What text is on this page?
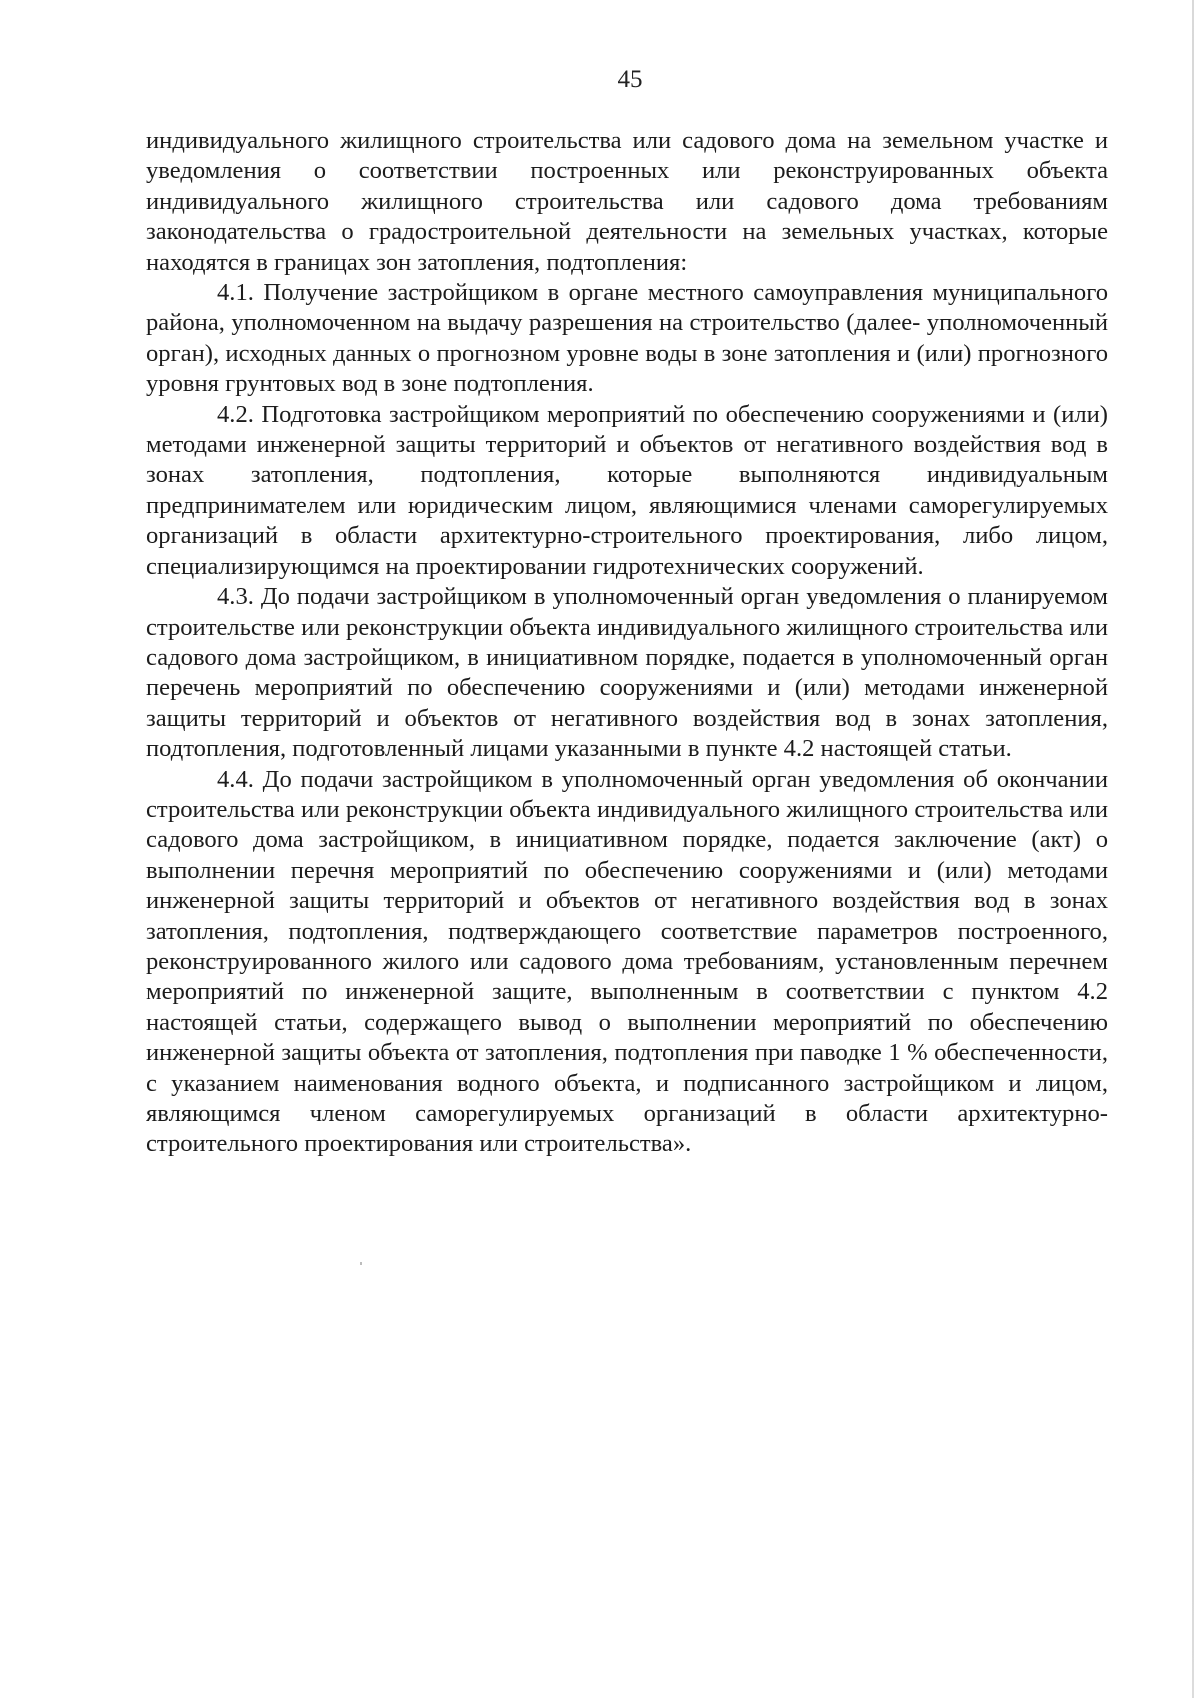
45

индивидуального жилищного строительства или садового дома на земельном участке и уведомления о соответствии построенных или реконструированных объекта индивидуального жилищного строительства или садового дома требованиям законодательства о градостроительной деятельности на земельных участках, которые находятся в границах зон затопления, подтопления:

4.1. Получение застройщиком в органе местного самоуправления муниципального района, уполномоченном на выдачу разрешения на строительство (далее- уполномоченный орган), исходных данных о прогнозном уровне воды в зоне затопления и (или) прогнозного уровня грунтовых вод в зоне подтопления.

4.2. Подготовка застройщиком мероприятий по обеспечению сооружениями и (или) методами инженерной защиты территорий и объектов от негативного воздействия вод в зонах затопления, подтопления, которые выполняются индивидуальным предпринимателем или юридическим лицом, являющимися членами саморегулируемых организаций в области архитектурно-строительного проектирования, либо лицом, специализирующимся на проектировании гидротехнических сооружений.

4.3. До подачи застройщиком в уполномоченный орган уведомления о планируемом строительстве или реконструкции объекта индивидуального жилищного строительства или садового дома застройщиком, в инициативном порядке, подается в уполномоченный орган перечень мероприятий по обеспечению сооружениями и (или) методами инженерной защиты территорий и объектов от негативного воздействия вод в зонах затопления, подтопления, подготовленный лицами указанными в пункте 4.2 настоящей статьи.

4.4. До подачи застройщиком в уполномоченный орган уведомления об окончании строительства или реконструкции объекта индивидуального жилищного строительства или садового дома застройщиком, в инициативном порядке, подается заключение (акт) о выполнении перечня мероприятий по обеспечению сооружениями и (или) методами инженерной защиты территорий и объектов от негативного воздействия вод в зонах затопления, подтопления, подтверждающего соответствие параметров построенного, реконструированного жилого или садового дома требованиям, установленным перечнем мероприятий по инженерной защите, выполненным в соответствии с пунктом 4.2 настоящей статьи, содержащего вывод о выполнении мероприятий по обеспечению инженерной защиты объекта от затопления, подтопления при паводке 1 % обеспеченности, с указанием наименования водного объекта, и подписанного застройщиком и лицом, являющимся членом саморегулируемых организаций в области архитектурно-строительного проектирования или строительства».
